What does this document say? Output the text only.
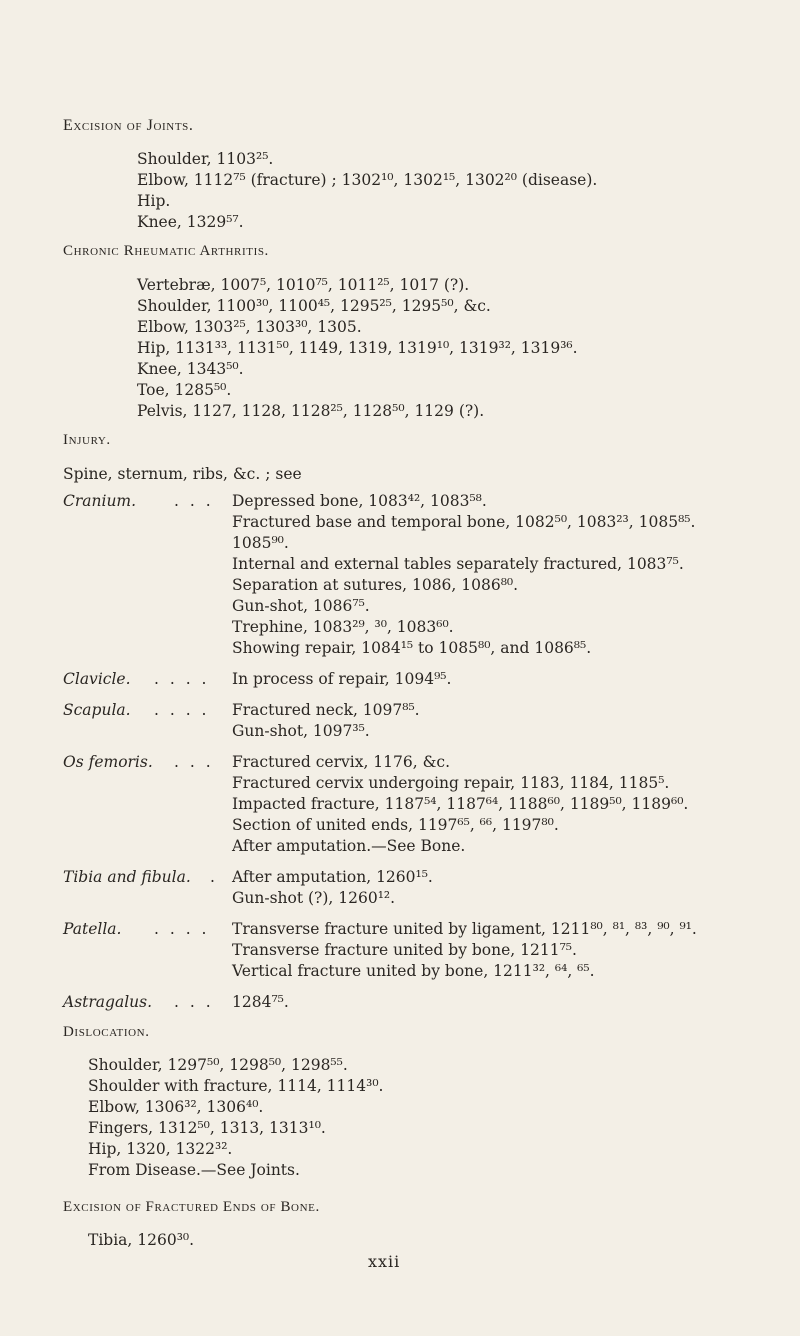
Excision of Joints.
Shoulder, 1103²⁵.
Elbow, 1112⁷⁵ (fracture) ; 1302¹⁰, 1302¹⁵, 1302²⁰ (disease).
Hip.
Knee, 1329⁵⁷.
Chronic Rheumatic Arthritis.
Vertebræ, 1007⁵, 1010⁷⁵, 1011²⁵, 1017 (?).
Shoulder, 1100³⁰, 1100⁴⁵, 1295²⁵, 1295⁵⁰, &c.
Elbow, 1303²⁵, 1303³⁰, 1305.
Hip, 1131³³, 1131⁵⁰, 1149, 1319, 1319¹⁰, 1319³², 1319³⁶.
Knee, 1343⁵⁰.
Toe, 1285⁵⁰.
Pelvis, 1127, 1128, 1128²⁵, 1128⁵⁰, 1129 (?).
Injury.
Spine, sternum, ribs, &c. ; see
Cranium. . . . Depressed bone, 1083⁴², 1083⁵⁸.
Fractured base and temporal bone, 1082⁵⁰, 1083²³, 1085⁸⁵.
1085⁹⁰.
Internal and external tables separately fractured, 1083⁷⁵.
Separation at sutures, 1086, 1086⁸⁰.
Gun-shot, 1086⁷⁵.
Trephine, 1083²⁹, ³⁰, 1083⁶⁰.
Showing repair, 1084¹⁵ to 1085⁸⁰, and 1086⁸⁵.
Clavicle. . . . . In process of repair, 1094⁹⁵.
Scapula. . . . . Fractured neck, 1097⁸⁵.
Gun-shot, 1097³⁵.
Os femoris. . . . Fractured cervix, 1176, &c.
Fractured cervix undergoing repair, 1183, 1184, 1185⁵.
Impacted fracture, 1187⁵⁴, 1187⁶⁴, 1188⁶⁰, 1189⁵⁰, 1189⁶⁰.
Section of united ends, 1197⁶⁵, ⁶⁶, 1197⁸⁰.
After amputation.—See Bone.
Tibia and fibula. . After amputation, 1260¹⁵.
Gun-shot (?), 1260¹².
Patella. . . . . Transverse fracture united by ligament, 1211⁸⁰, ⁸¹, ⁸³, ⁹⁰, ⁹¹.
Transverse fracture united by bone, 1211⁷⁵.
Vertical fracture united by bone, 1211³², ⁶⁴, ⁶⁵.
Astragalus. . . . 1284⁷⁵.
Dislocation.
Shoulder, 1297⁵⁰, 1298⁵⁰, 1298⁵⁵.
Shoulder with fracture, 1114, 1114³⁰.
Elbow, 1306³², 1306⁴⁰.
Fingers, 1312⁵⁰, 1313, 1313¹⁰.
Hip, 1320, 1322³².
From Disease.—See Joints.
Excision of Fractured Ends of Bone.
Tibia, 1260³⁰.
xxii
